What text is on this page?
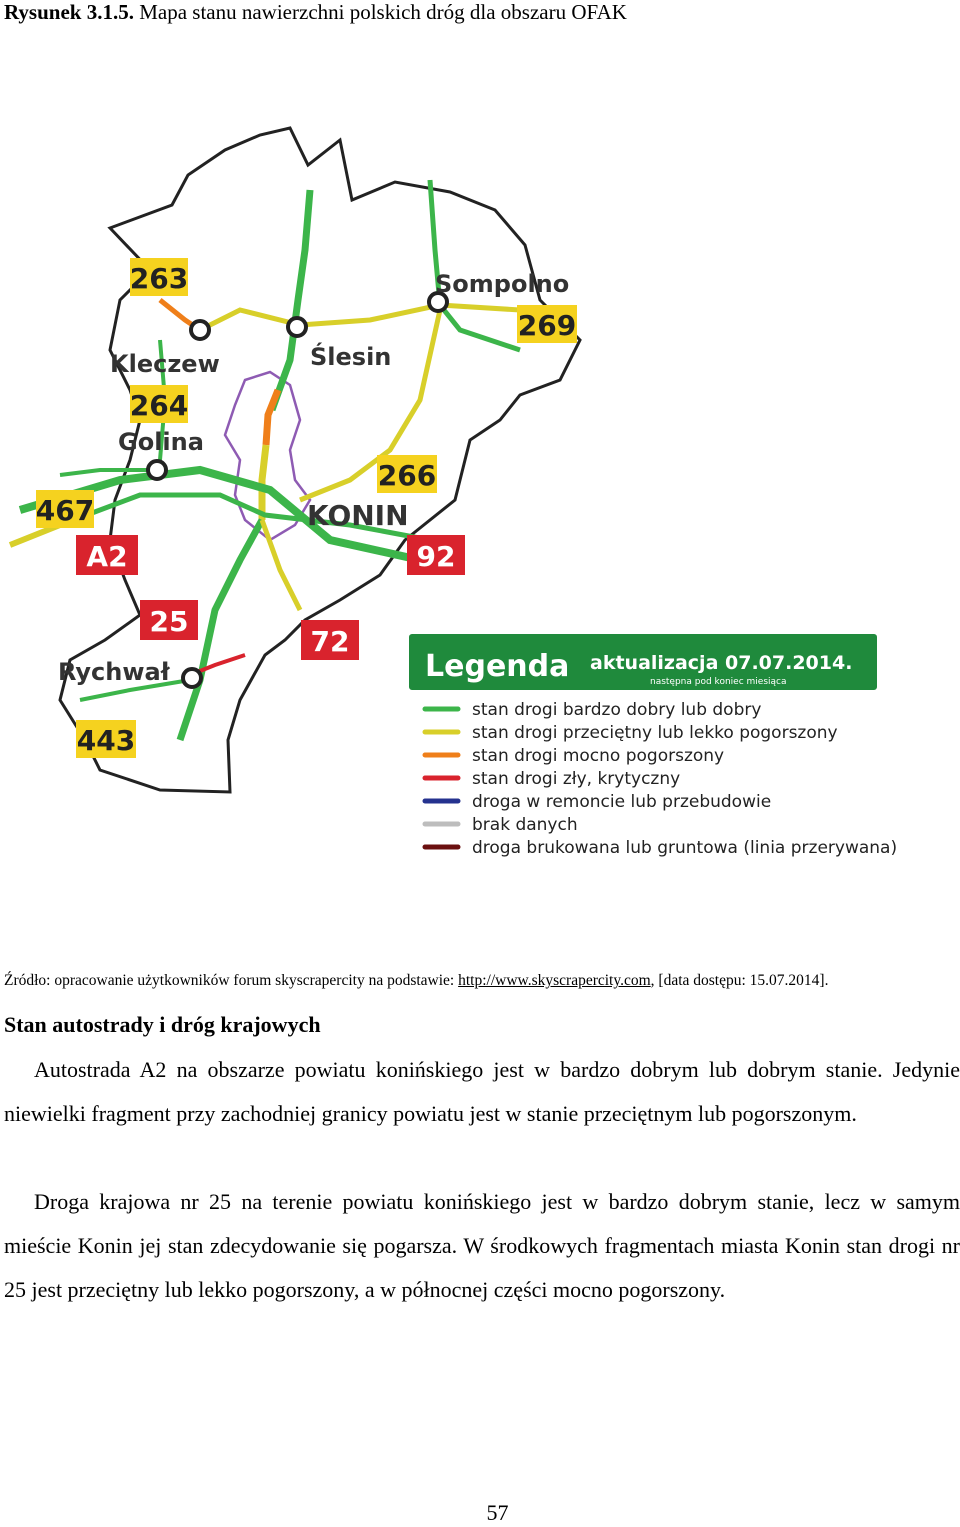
Rysunek 3.1.5. Mapa stanu nawierzchni polskich dróg dla obszaru OFAK
Kleczew	Ślesin
Sompolno
Golina
KONIN
Rychwał
263
269
264
266
467
A2	92
25
72
443
Legenda aktualizacja 07.07.2014.
następna pod koniec miesiąca
stan drogi bardzo dobry lub dobry
stan drogi przeciętny lub lekko pogorszony
stan drogi mocno pogorszony
stan drogi zły, krytyczny
droga w remoncie lub przebudowie
brak danych
droga brukowana lub gruntowa (linia przerywana)
Źródło: opracowanie użytkowników forum skyscrapercity na podstawie: http://www.skyscrapercity.com, [data dostępu: 15.07.2014].
Stan autostrady i dróg krajowych
Autostrada A2 na obszarze powiatu konińskiego jest w bardzo dobrym lub dobrym stanie. Jedynie niewielki fragment przy zachodniej granicy powiatu jest w stanie przeciętnym lub pogorszonym.
Droga krajowa nr 25 na terenie powiatu konińskiego jest w bardzo dobrym stanie, lecz w samym mieście Konin jej stan zdecydowanie się pogarsza. W środkowych fragmentach miasta Konin stan drogi nr 25 jest przeciętny lub lekko pogorszony, a w północnej części mocno pogorszony.
57
